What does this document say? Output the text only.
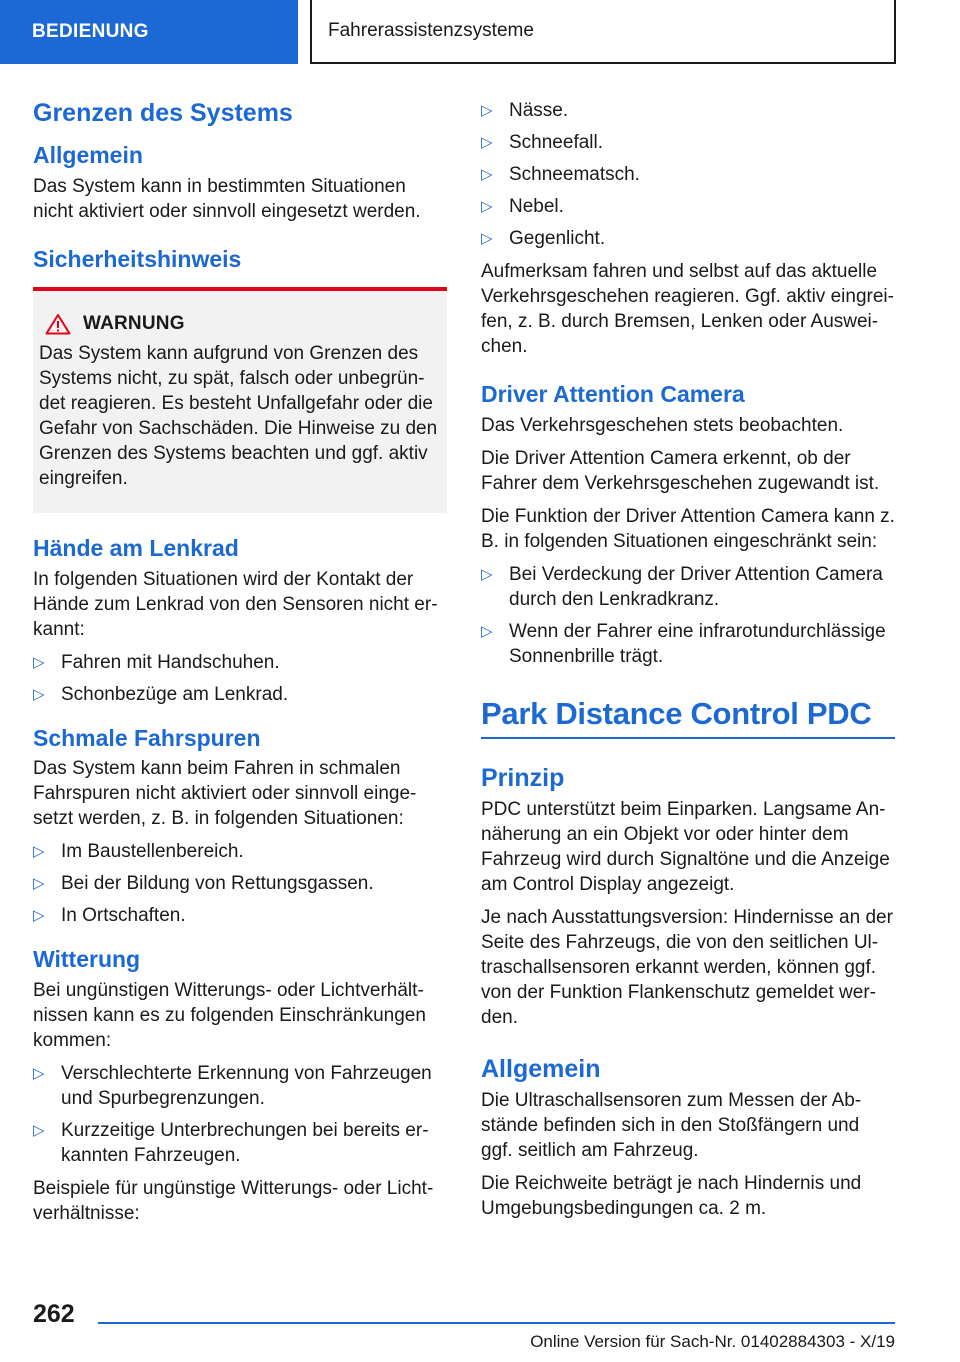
BEDIENUNG	Fahrerassistenzsysteme
Grenzen des Systems
Allgemein

Das System kann in bestimmten Situationen nicht aktiviert oder sinnvoll eingesetzt werden.

Sicherheitshinweis
WARNUNG

Das System kann aufgrund von Grenzen des Systems nicht, zu spät, falsch oder unbegründet reagieren. Es besteht Unfallgefahr oder die Gefahr von Sachschäden. Die Hinweise zu den Grenzen des Systems beachten und ggf. aktiv eingreifen.

Hände am Lenkrad

In folgenden Situationen wird der Kontakt der Hände zum Lenkrad von den Sensoren nicht erkannt:

▷ Fahren mit Handschuhen.
▷ Schonbezüge am Lenkrad.
Schmale Fahrspuren

Das System kann beim Fahren in schmalen Fahrspuren nicht aktiviert oder sinnvoll eingesetzt werden, z. B. in folgenden Situationen:

▷ Im Baustellenbereich.
▷ Bei der Bildung von Rettungsgassen.
▷ In Ortschaften.
Witterung

Bei ungünstigen Witterungs- oder Lichtverhältnissen kann es zu folgenden Einschränkungen kommen:

▷ Verschlechterte Erkennung von Fahrzeugen und Spurbegrenzungen.
▷ Kurzzeitige Unterbrechungen bei bereits erkannten Fahrzeugen.

Beispiele für ungünstige Witterungs- oder Lichtverhältnisse:

▷ Nässe.
▷ Schneefall.
▷ Schneematsch.
▷ Nebel.
▷ Gegenlicht.

Aufmerksam fahren und selbst auf das aktuelle Verkehrsgeschehen reagieren. Ggf. aktiv eingreifen, z. B. durch Bremsen, Lenken oder Ausweichen.

Driver Attention Camera

Das Verkehrsgeschehen stets beobachten.

Die Driver Attention Camera erkennt, ob der Fahrer dem Verkehrsgeschehen zugewandt ist.

Die Funktion der Driver Attention Camera kann z. B. in folgenden Situationen eingeschränkt sein:

▷ Bei Verdeckung der Driver Attention Camera durch den Lenkradkranz.
▷ Wenn der Fahrer eine infrarotundurchlässige Sonnenbrille trägt.
Park Distance Control PDC
Prinzip

PDC unterstützt beim Einparken. Langsame Annäherung an ein Objekt vor oder hinter dem Fahrzeug wird durch Signaltöne und die Anzeige am Control Display angezeigt.

Je nach Ausstattungsversion: Hindernisse an der Seite des Fahrzeugs, die von den seitlichen Ultraschallsensoren erkannt werden, können ggf. von der Funktion Flankenschutz gemeldet werden.

Allgemein

Die Ultraschallsensoren zum Messen der Abstände befinden sich in den Stoßfängern und ggf. seitlich am Fahrzeug.

Die Reichweite beträgt je nach Hindernis und Umgebungsbedingungen ca. 2 m.

262
Online Version für Sach-Nr. 01402884303 - X/19
